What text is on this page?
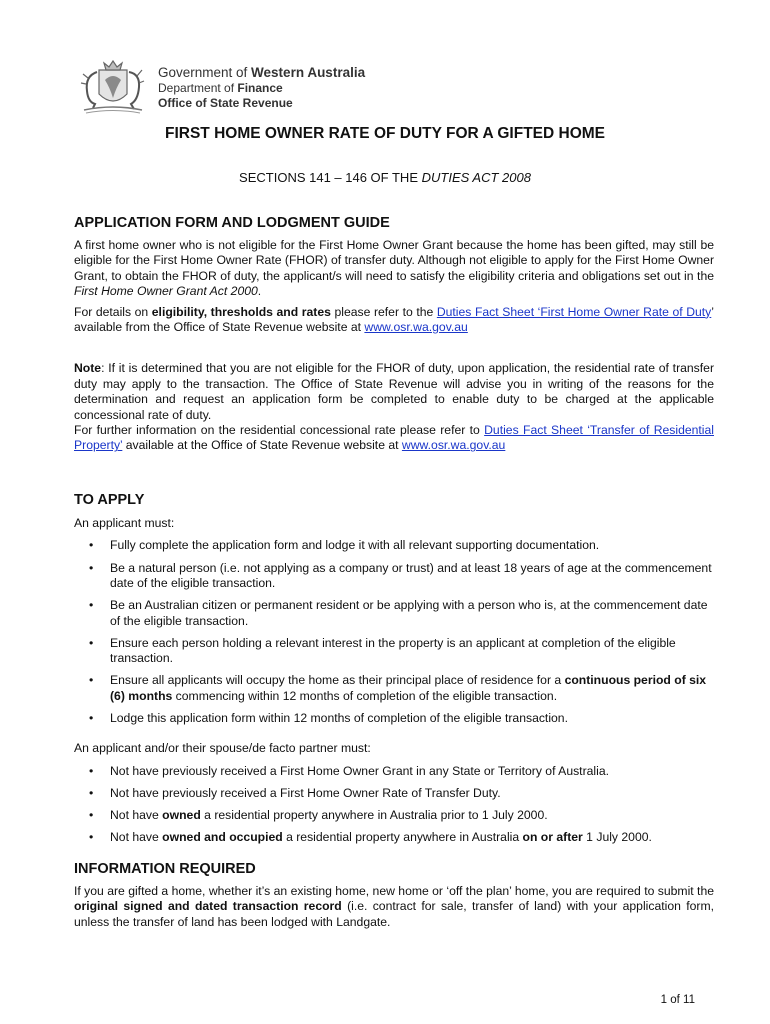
Government of Western Australia
Department of Finance
Office of State Revenue
FIRST HOME OWNER RATE OF DUTY FOR A GIFTED HOME
SECTIONS 141 – 146 OF THE DUTIES ACT 2008
APPLICATION FORM AND LODGMENT GUIDE

A first home owner who is not eligible for the First Home Owner Grant because the home has been gifted, may still be eligible for the First Home Owner Rate (FHOR) of transfer duty. Although not eligible to apply for the First Home Owner Grant, to obtain the FHOR of duty, the applicant/s will need to satisfy the eligibility criteria and obligations set out in the First Home Owner Grant Act 2000.

For details on eligibility, thresholds and rates please refer to the Duties Fact Sheet ‘First Home Owner Rate of Duty’ available from the Office of State Revenue website at www.osr.wa.gov.au

Note: If it is determined that you are not eligible for the FHOR of duty, upon application, the residential rate of transfer duty may apply to the transaction. The Office of State Revenue will advise you in writing of the reasons for the determination and request an application form be completed to enable duty to be charged at the applicable concessional rate of duty.

For further information on the residential concessional rate please refer to Duties Fact Sheet ‘Transfer of Residential Property’ available at the Office of State Revenue website at www.osr.wa.gov.au

TO APPLY

An applicant must:

• Fully complete the application form and lodge it with all relevant supporting documentation.
• Be a natural person (i.e. not applying as a company or trust) and at least 18 years of age at the commencement date of the eligible transaction.
• Be an Australian citizen or permanent resident or be applying with a person who is, at the commencement date of the eligible transaction.
• Ensure each person holding a relevant interest in the property is an applicant at completion of the eligible transaction.
• Ensure all applicants will occupy the home as their principal place of residence for a continuous period of six (6) months commencing within 12 months of completion of the eligible transaction.
• Lodge this application form within 12 months of completion of the eligible transaction.

An applicant and/or their spouse/de facto partner must:

• Not have previously received a First Home Owner Grant in any State or Territory of Australia.
• Not have previously received a First Home Owner Rate of Transfer Duty.
• Not have owned a residential property anywhere in Australia prior to 1 July 2000.
• Not have owned and occupied a residential property anywhere in Australia on or after 1 July 2000.
INFORMATION REQUIRED

If you are gifted a home, whether it’s an existing home, new home or ‘off the plan’ home, you are required to submit the original signed and dated transaction record (i.e. contract for sale, transfer of land) with your application form, unless the transfer of land has been lodged with Landgate.

1 of 11
